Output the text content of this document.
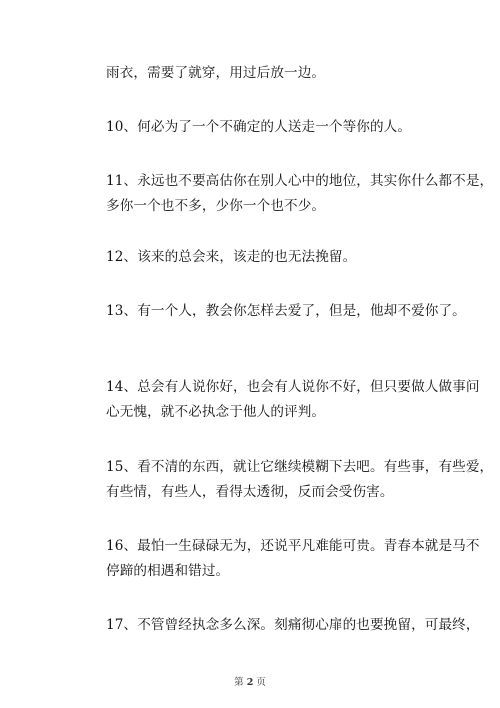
雨衣，需要了就穿，用过后放一边。

10、何必为了一个不确定的人送走一个等你的人。

11、永远也不要高估你在别人心中的地位，其实你什么都不是，
多你一个也不多，少你一个也不少。

12、该来的总会来，该走的也无法挽留。

13、有一个人，教会你怎样去爱了，但是，他却不爱你了。

14、总会有人说你好，也会有人说你不好，但只要做人做事问
心无愧，就不必执念于他人的评判。

15、看不清的东西，就让它继续模糊下去吧。有些事，有些爱，
有些情，有些人，看得太透彻，反而会受伤害。

16、最怕一生碌碌无为，还说平凡难能可贵。青春本就是马不
停蹄的相遇和错过。

17、不管曾经执念多么深。刻痛彻心扉的也要挽留，可最终，

第 2 页
